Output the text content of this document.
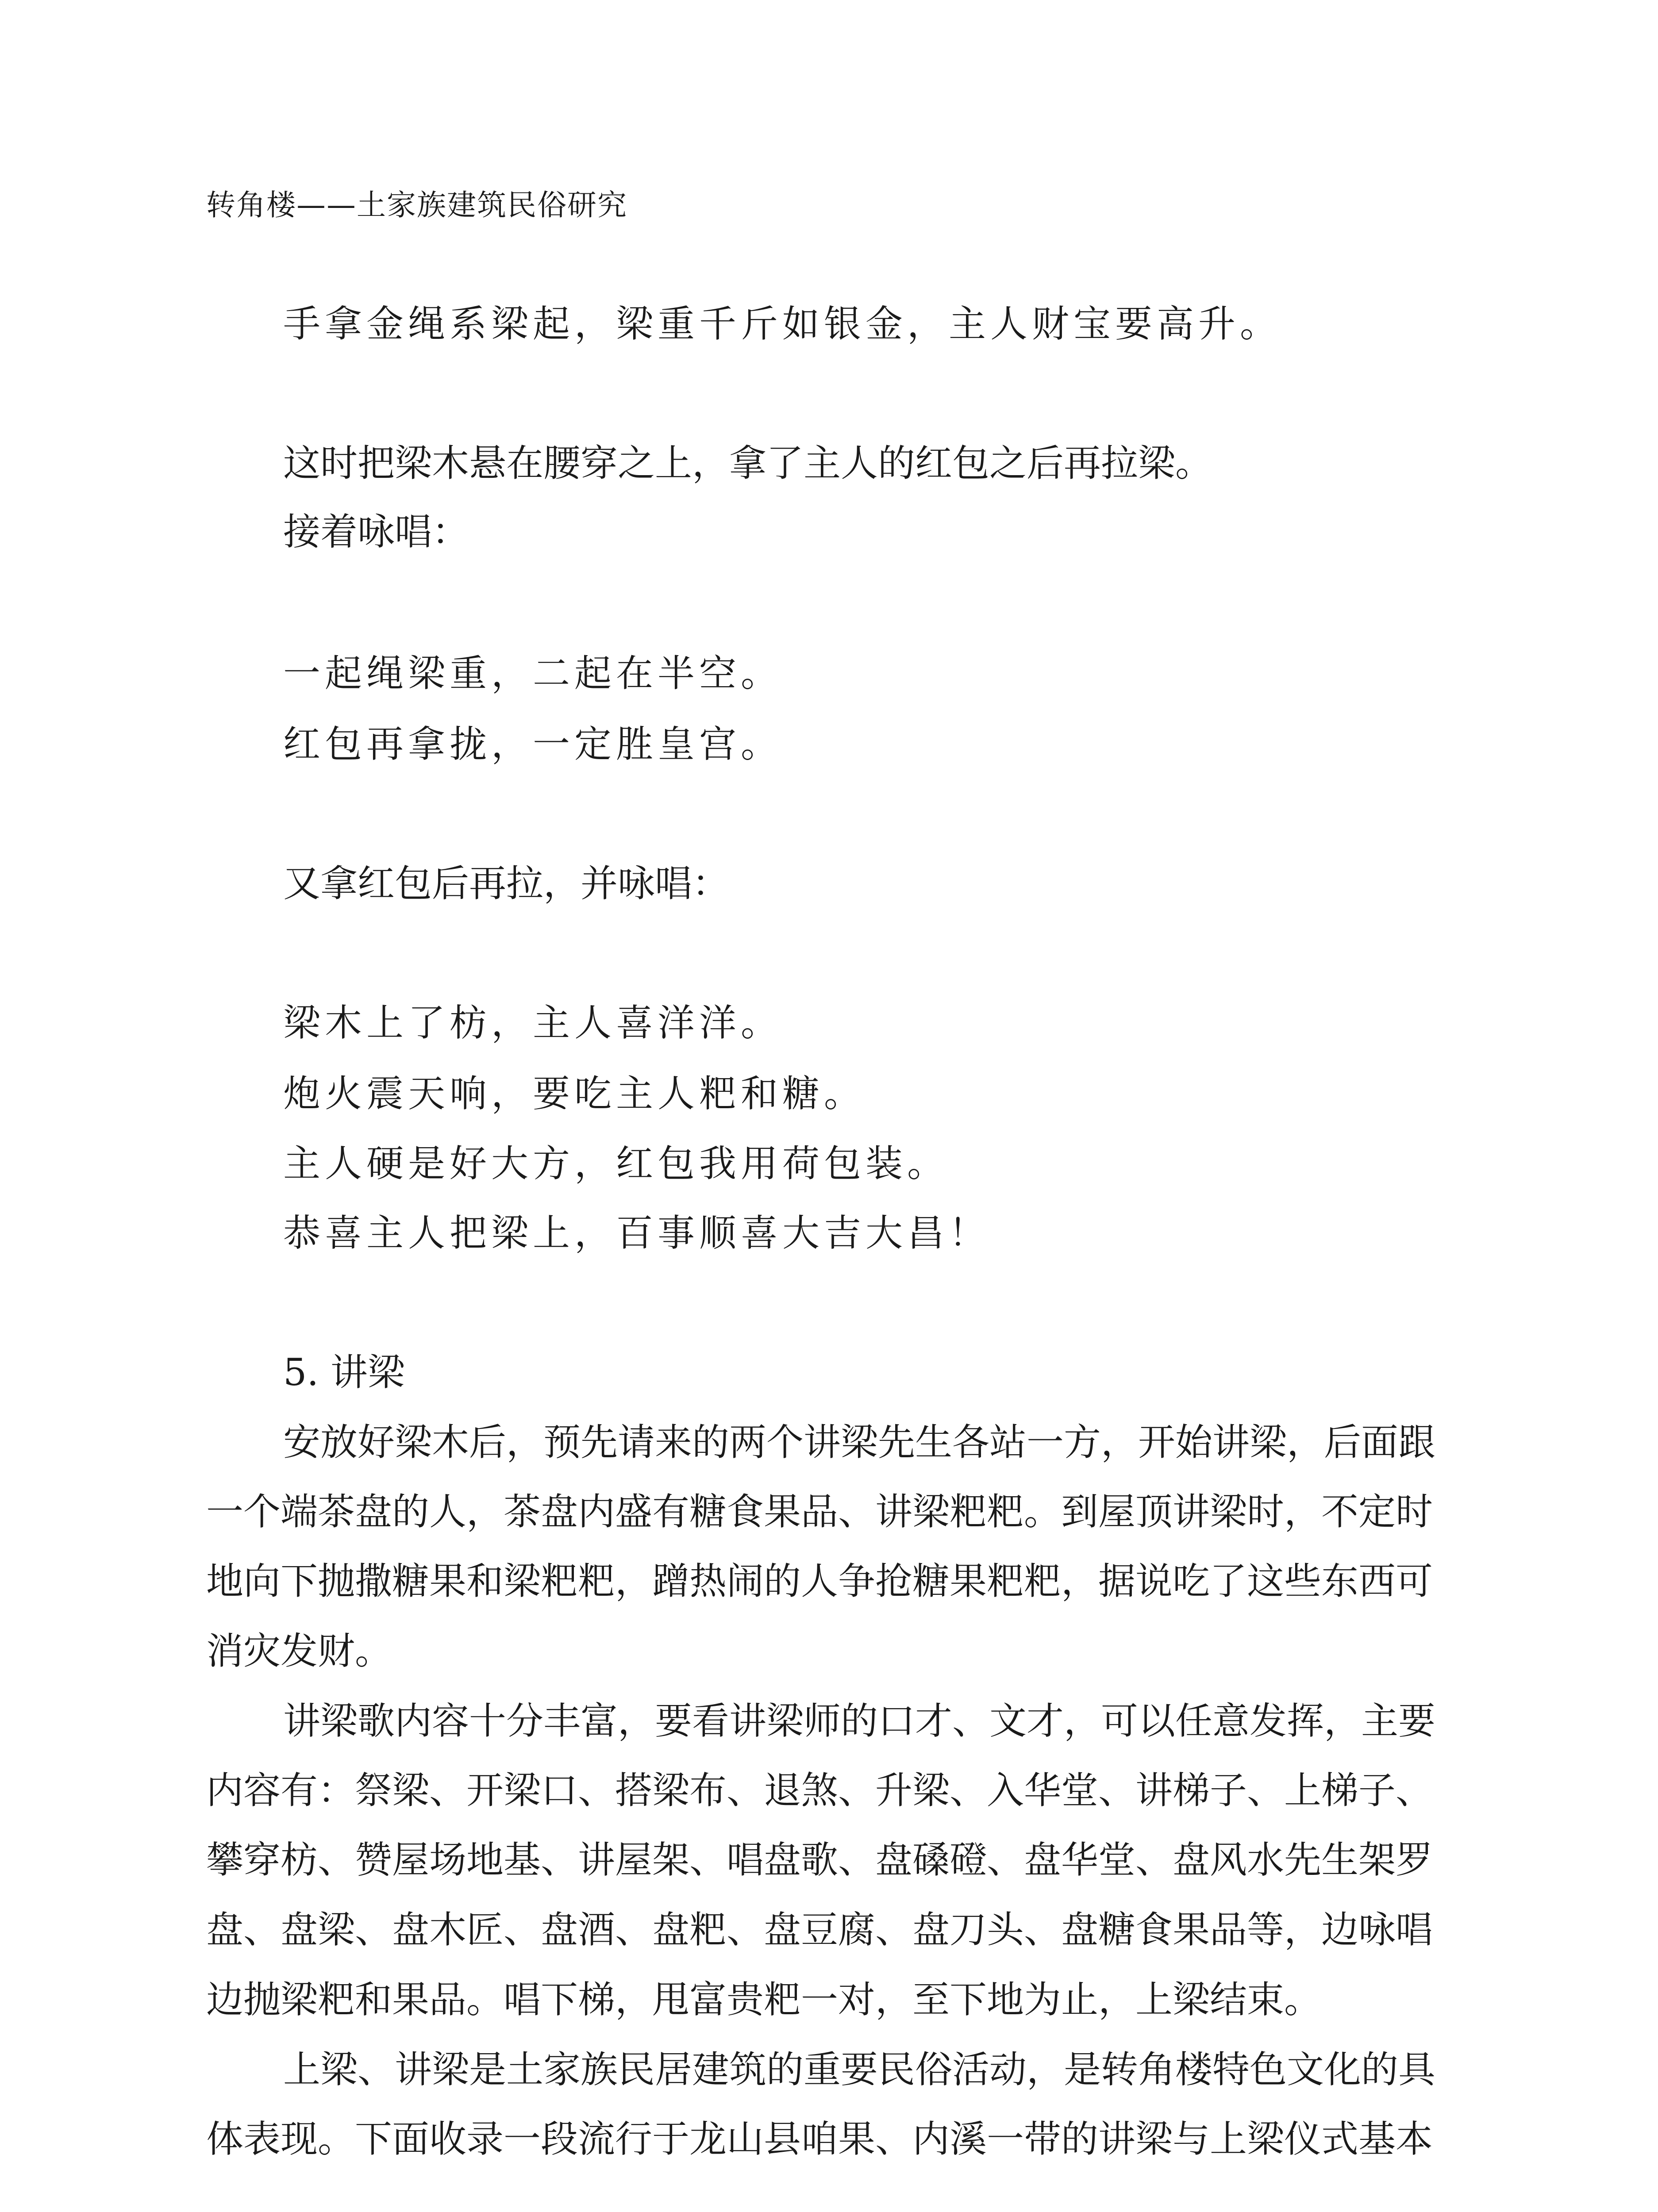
转角楼——土家族建筑民俗研究
手拿金绳系梁起，梁重千斤如银金，主人财宝要高升。
这时把梁木悬在腰穿之上，拿了主人的红包之后再拉梁。
接着咏唱：
一起绳梁重，二起在半空。
红包再拿拢，一定胜皇宫。
又拿红包后再拉，并咏唱：
梁木上了枋，主人喜洋洋。
炮火震天响，要吃主人粑和糖。
主人硬是好大方，红包我用荷包装。
恭喜主人把梁上，百事顺喜大吉大昌！
5. 讲梁
安放好梁木后，预先请来的两个讲梁先生各站一方，开始讲梁，后面跟
一个端茶盘的人，茶盘内盛有糖食果品、讲梁粑粑。到屋顶讲梁时，不定时
地向下抛撒糖果和梁粑粑，蹭热闹的人争抢糖果粑粑，据说吃了这些东西可
消灾发财。
讲梁歌内容十分丰富，要看讲梁师的口才、文才，可以任意发挥，主要
内容有：祭梁、开梁口、搭梁布、退煞、升梁、入华堂、讲梯子、上梯子、
攀穿枋、赞屋场地基、讲屋架、唱盘歌、盘磉磴、盘华堂、盘风水先生架罗
盘、盘梁、盘木匠、盘酒、盘粑、盘豆腐、盘刀头、盘糖食果品等，边咏唱
边抛梁粑和果品。唱下梯，甩富贵粑一对，至下地为止，上梁结束。
上梁、讲梁是土家族民居建筑的重要民俗活动，是转角楼特色文化的具
体表现。下面收录一段流行于龙山县咱果、内溪一带的讲梁与上梁仪式基本
